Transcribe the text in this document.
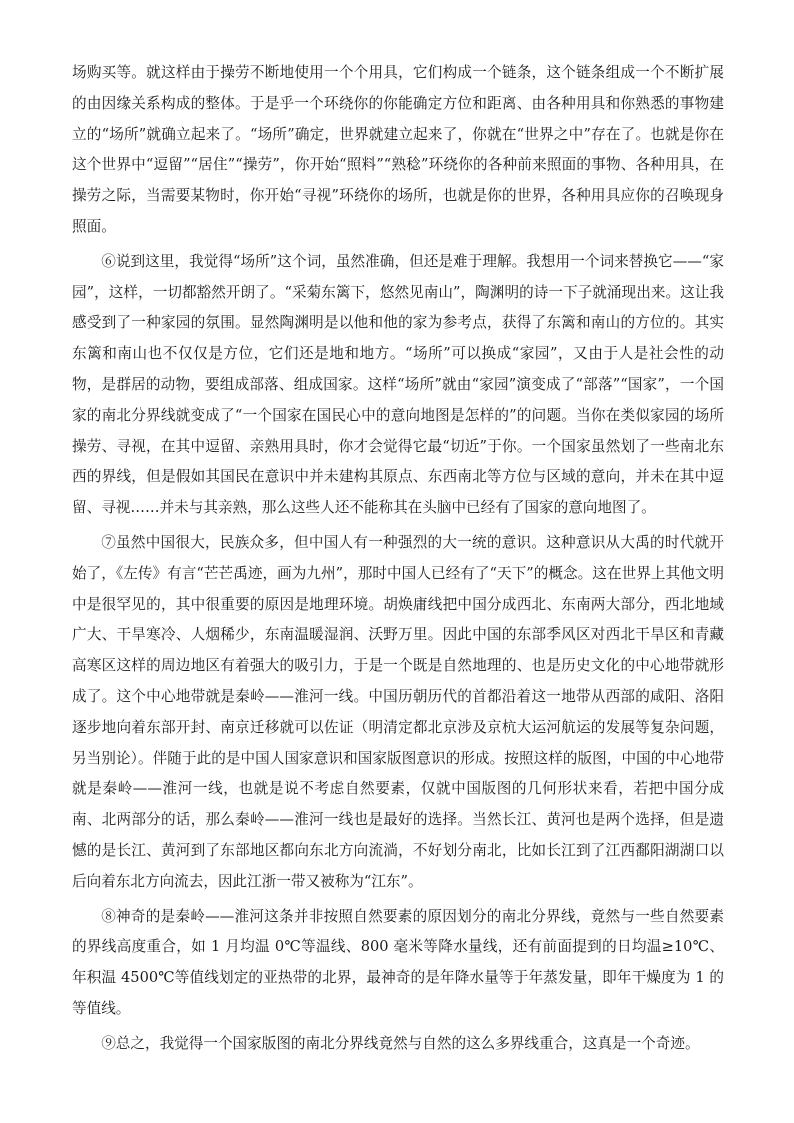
场购买等。就这样由于操劳不断地使用一个个用具，它们构成一个链条，这个链条组成一个不断扩展的由因缘关系构成的整体。于是乎一个环绕你的你能确定方位和距离、由各种用具和你熟悉的事物建立的“场所”就确立起来了。“场所”确定，世界就建立起来了，你就在“世界之中”存在了。也就是你在这个世界中“逗留”“居住”“操劳”，你开始“照料”“熟稔”环绕你的各种前来照面的事物、各种用具，在操劳之际，当需要某物时，你开始“寻视”环绕你的场所，也就是你的世界，各种用具应你的召唤现身照面。

⑥说到这里，我觉得“场所”这个词，虽然准确，但还是难于理解。我想用一个词来替换它——“家园”，这样，一切都豁然开朗了。“采菊东篱下，悠然见南山”，陶渊明的诗一下子就涌现出来。这让我感受到了一种家园的氛围。显然陶渊明是以他和他的家为参考点，获得了东篱和南山的方位的。其实东篱和南山也不仅仅是方位，它们还是地和地方。“场所”可以换成“家园”，又由于人是社会性的动物，是群居的动物，要组成部落、组成国家。这样“场所”就由“家园”演变成了“部落”“国家”，一个国家的南北分界线就变成了“一个国家在国民心中的意向地图是怎样的”的问题。当你在类似家园的场所操劳、寻视，在其中逗留、亲熟用具时，你才会觉得它最“切近”于你。一个国家虽然划了一些南北东西的界线，但是假如其国民在意识中并未建构其原点、东西南北等方位与区域的意向，并未在其中逗留、寻视……并未与其亲熟，那么这些人还不能称其在头脑中已经有了国家的意向地图了。

⑦虽然中国很大，民族众多，但中国人有一种强烈的大一统的意识。这种意识从大禹的时代就开始了，《左传》有言“芒芒禹迹，画为九州”，那时中国人已经有了“天下”的概念。这在世界上其他文明中是很罕见的，其中很重要的原因是地理环境。胡焕庸线把中国分成西北、东南两大部分，西北地域广大、干旱寒冷、人烟稀少，东南温暖湿润、沃野万里。因此中国的东部季风区对西北干旱区和青藏高寒区这样的周边地区有着强大的吸引力，于是一个既是自然地理的、也是历史文化的中心地带就形成了。这个中心地带就是秦岭——淮河一线。中国历朝历代的首都沿着这一地带从西部的咸阳、洛阳逐步地向着东部开封、南京迁移就可以佐证（明清定都北京涉及京杭大运河航运的发展等复杂问题，另当别论）。伴随于此的是中国人国家意识和国家版图意识的形成。按照这样的版图，中国的中心地带就是秦岭——淮河一线，也就是说不考虑自然要素，仅就中国版图的几何形状来看，若把中国分成南、北两部分的话，那么秦岭——淮河一线也是最好的选择。当然长江、黄河也是两个选择，但是遗憾的是长江、黄河到了东部地区都向东北方向流淌，不好划分南北，比如长江到了江西鄱阳湖湖口以后向着东北方向流去，因此江浙一带又被称为“江东”。

⑧神奇的是秦岭——淮河这条并非按照自然要素的原因划分的南北分界线，竟然与一些自然要素的界线高度重合，如 1 月均温 0℃等温线、800 毫米等降水量线，还有前面提到的日均温≥10℃、年积温 4500℃等值线划定的亚热带的北界，最神奇的是年降水量等于年蒸发量，即年干燥度为 1 的等值线。

⑨总之，我觉得一个国家版图的南北分界线竟然与自然的这么多界线重合，这真是一个奇迹。
